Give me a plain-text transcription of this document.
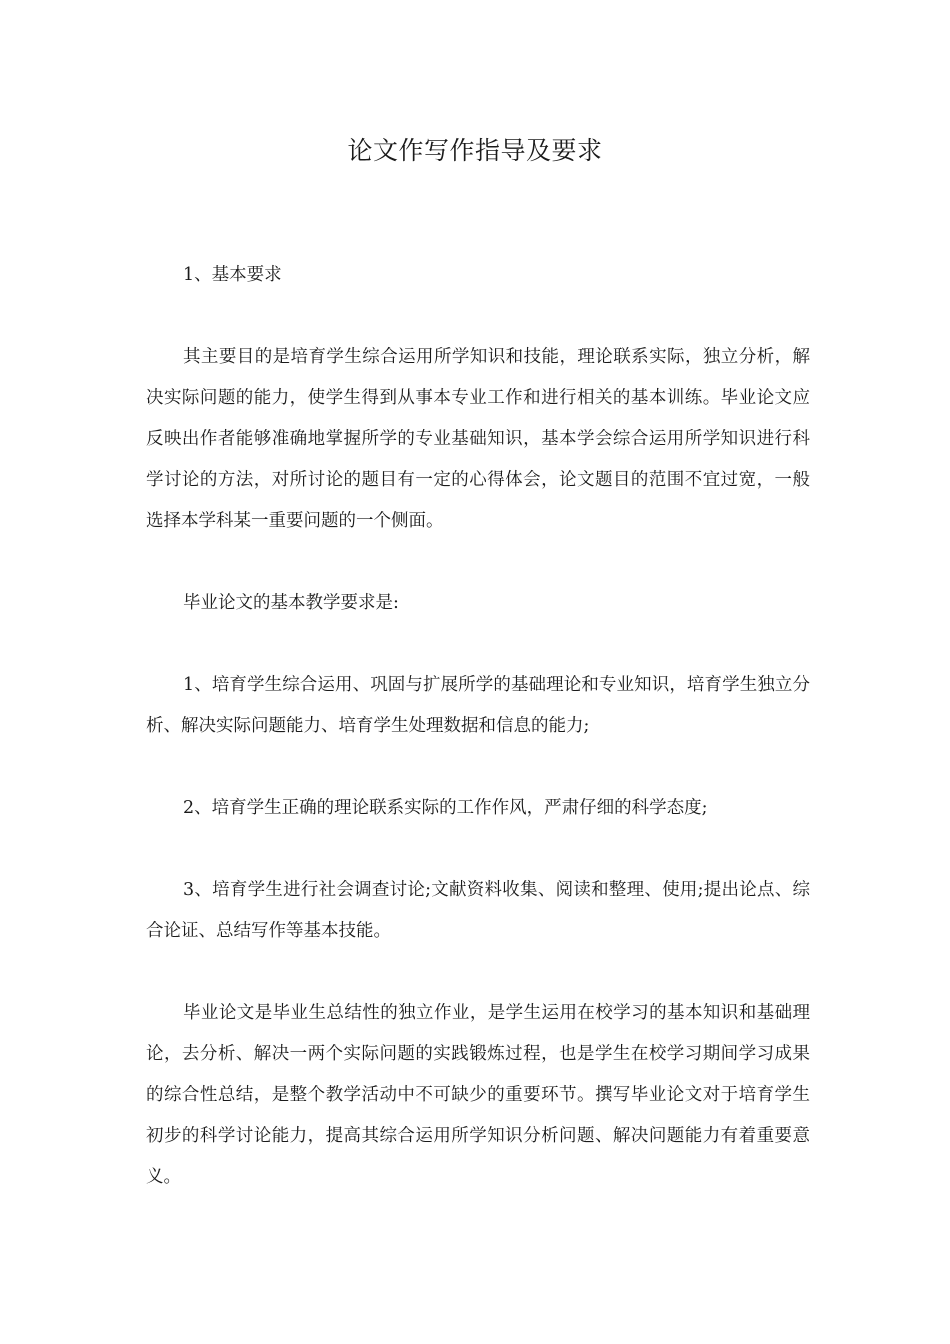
论文作写作指导及要求

1、基本要求

其主要目的是培育学生综合运用所学知识和技能，理论联系实际，独立分析，解决实际问题的能力，使学生得到从事本专业工作和进行相关的基本训练。毕业论文应反映出作者能够准确地掌握所学的专业基础知识，基本学会综合运用所学知识进行科学讨论的方法，对所讨论的题目有一定的心得体会，论文题目的范围不宜过宽，一般选择本学科某一重要问题的一个侧面。

毕业论文的基本教学要求是:

1、培育学生综合运用、巩固与扩展所学的基础理论和专业知识，培育学生独立分析、解决实际问题能力、培育学生处理数据和信息的能力;

2、培育学生正确的理论联系实际的工作作风，严肃仔细的科学态度;

3、培育学生进行社会调查讨论;文献资料收集、阅读和整理、使用;提出论点、综合论证、总结写作等基本技能。

毕业论文是毕业生总结性的独立作业，是学生运用在校学习的基本知识和基础理论，去分析、解决一两个实际问题的实践锻炼过程，也是学生在校学习期间学习成果的综合性总结，是整个教学活动中不可缺少的重要环节。撰写毕业论文对于培育学生初步的科学讨论能力，提高其综合运用所学知识分析问题、解决问题能力有着重要意义。
